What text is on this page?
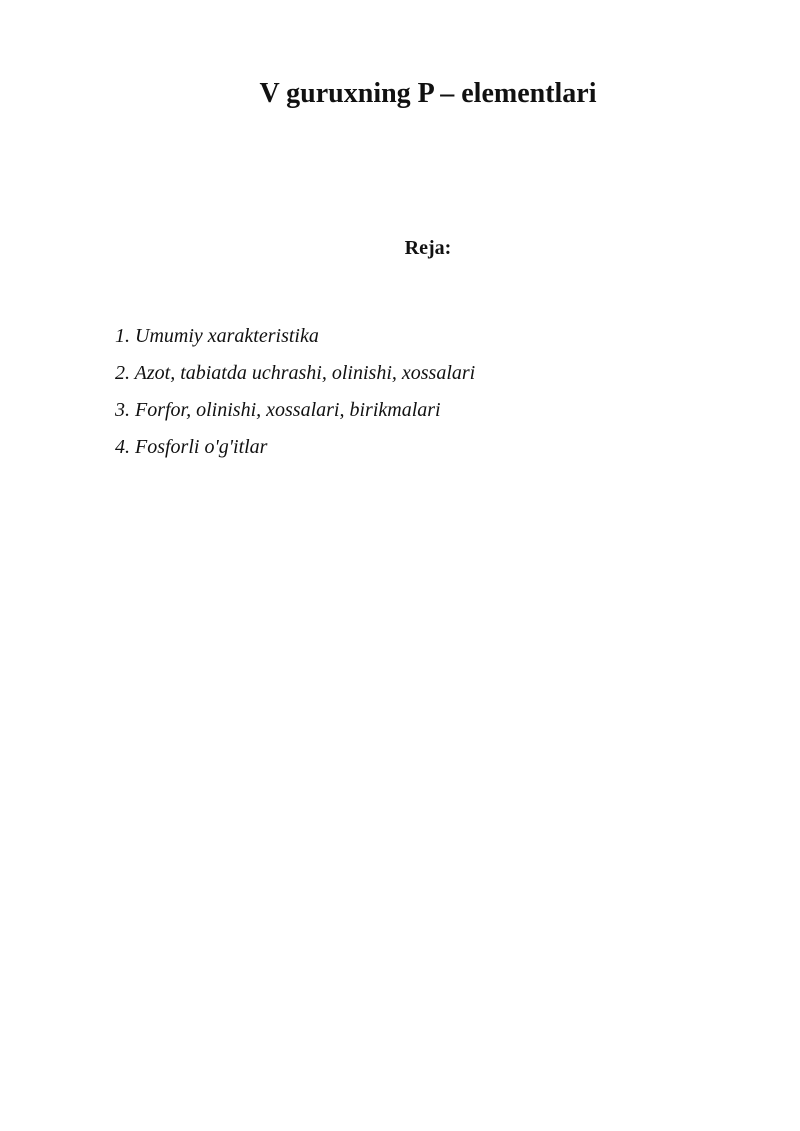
V guruxning P – elementlari
Reja:
1. Umumiy xarakteristika
2. Azot, tabiatda uchrashi, olinishi, xossalari
3. Forfor, olinishi, xossalari, birikmalari
4. Fosforli o'g'itlar
